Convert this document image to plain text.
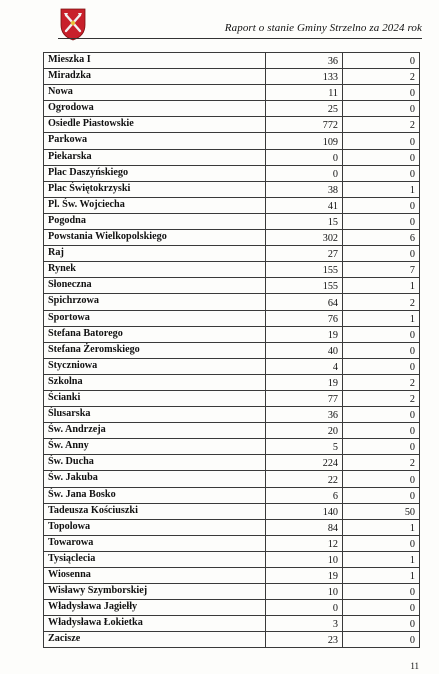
Raport o stanie Gminy Strzelno za 2024 rok
Mieszka I	36	0
Miradzka	133	2
Nowa	11	0
Ogrodowa	25	0
Osiedle Piastowskie	772	2
Parkowa	109	0
Piekarska	0	0
Plac Daszyńskiego	0	0
Plac Świętokrzyski	38	1
Pl. Św. Wojciecha	41	0
Pogodna	15	0
Powstania Wielkopolskiego	302	6
Raj	27	0
Rynek	155	7
Słoneczna	155	1
Spichrzowa	64	2
Sportowa	76	1
Stefana Batorego	19	0
Stefana Żeromskiego	40	0
Styczniowa	4	0
Szkolna	19	2
Ścianki	77	2
Ślusarska	36	0
Św. Andrzeja	20	0
Św. Anny	5	0
Św. Ducha	224	2
Św. Jakuba	22	0
Św. Jana Bosko	6	0
Tadeusza Kościuszki	140	50
Topolowa	84	1
Towarowa	12	0
Tysiąclecia	10	1
Wiosenna	19	1
Wisławy Szymborskiej	10	0
Władysława Jagiełły	0	0
Władysława Łokietka	3	0
Zacisze	23	0
11
